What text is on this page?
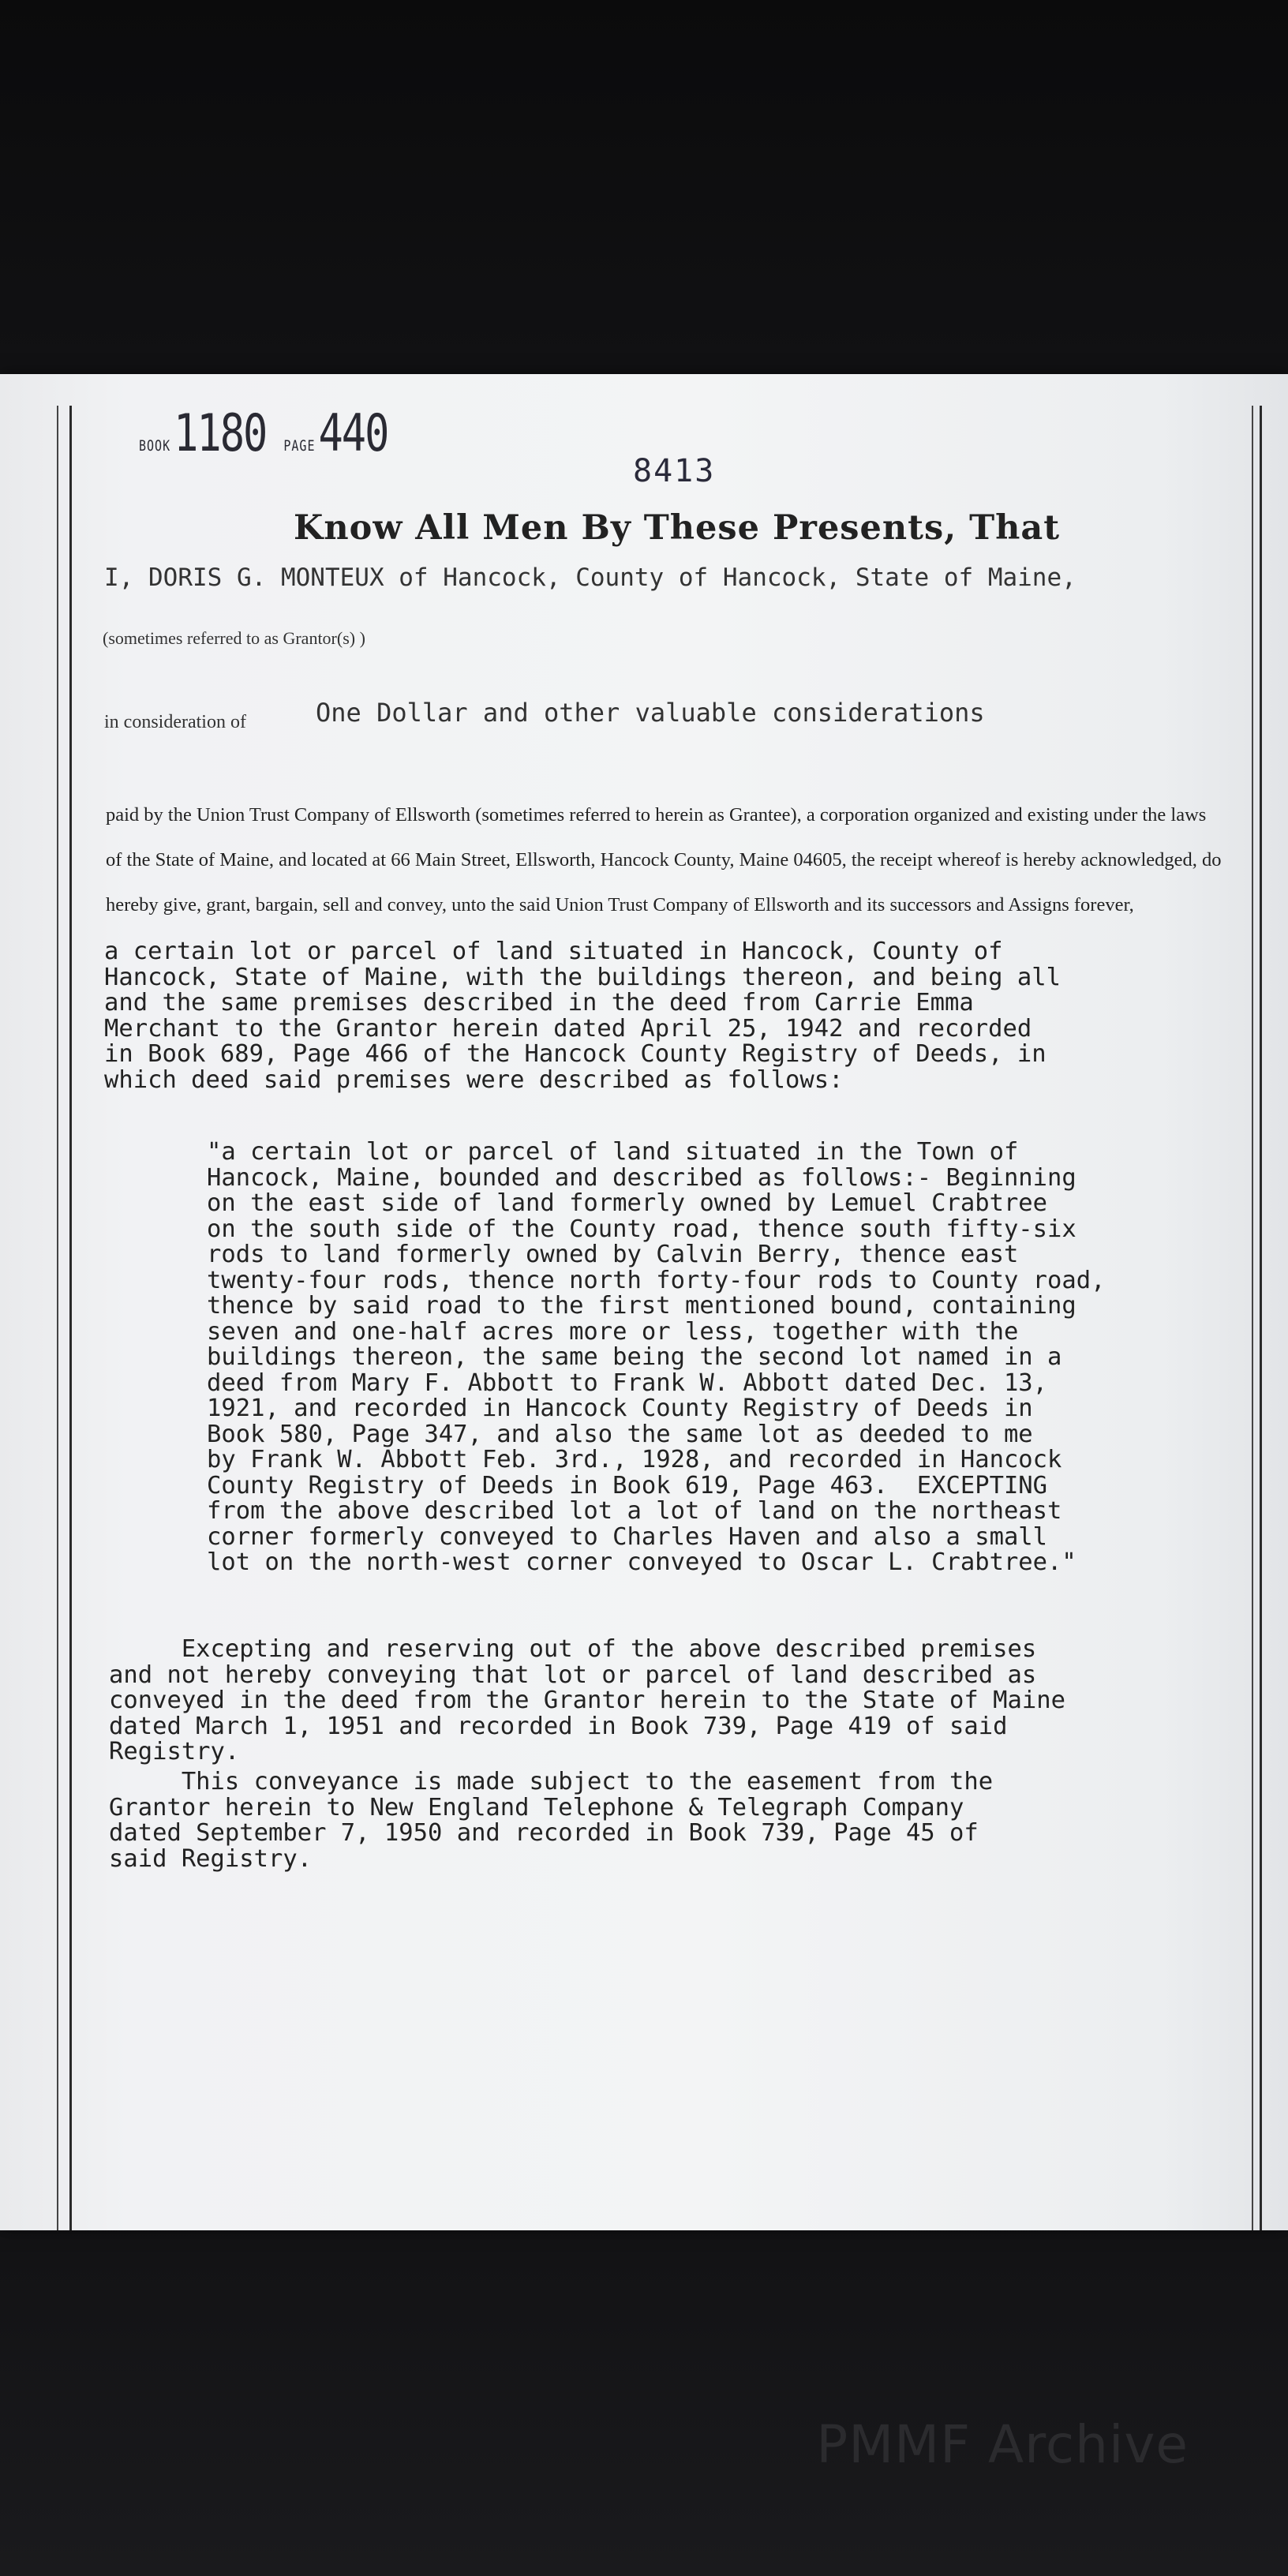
BOOK 1180 PAGE 440
8413
Know All Men By These Presents, That
I, DORIS G. MONTEUX of Hancock, County of Hancock, State of Maine,
(sometimes referred to as Grantor(s) )
in consideration of	One Dollar and other valuable considerations
paid by the Union Trust Company of Ellsworth (sometimes referred to herein as Grantee), a corporation organized and existing under the laws of the State of Maine, and located at 66 Main Street, Ellsworth, Hancock County, Maine 04605, the receipt whereof is hereby acknowledged, do hereby give, grant, bargain, sell and convey, unto the said Union Trust Company of Ellsworth and its successors and Assigns forever,
a certain lot or parcel of land situated in Hancock, County of
Hancock, State of Maine, with the buildings thereon, and being all
and the same premises described in the deed from Carrie Emma
Merchant to the Grantor herein dated April 25, 1942 and recorded
in Book 689, Page 466 of the Hancock County Registry of Deeds, in
which deed said premises were described as follows:
"a certain lot or parcel of land situated in the Town of
Hancock, Maine, bounded and described as follows:- Beginning
on the east side of land formerly owned by Lemuel Crabtree
on the south side of the County road, thence south fifty-six
rods to land formerly owned by Calvin Berry, thence east
twenty-four rods, thence north forty-four rods to County road,
thence by said road to the first mentioned bound, containing
seven and one-half acres more or less, together with the
buildings thereon, the same being the second lot named in a
deed from Mary F. Abbott to Frank W. Abbott dated Dec. 13,
1921, and recorded in Hancock County Registry of Deeds in
Book 580, Page 347, and also the same lot as deeded to me
by Frank W. Abbott Feb. 3rd., 1928, and recorded in Hancock
County Registry of Deeds in Book 619, Page 463.  EXCEPTING
from the above described lot a lot of land on the northeast
corner formerly conveyed to Charles Haven and also a small
lot on the north-west corner conveyed to Oscar L. Crabtree."
Excepting and reserving out of the above described premises
and not hereby conveying that lot or parcel of land described as
conveyed in the deed from the Grantor herein to the State of Maine
dated March 1, 1951 and recorded in Book 739, Page 419 of said
Registry.
This conveyance is made subject to the easement from the
Grantor herein to New England Telephone & Telegraph Company
dated September 7, 1950 and recorded in Book 739, Page 45 of
said Registry.
PMMF Archive
